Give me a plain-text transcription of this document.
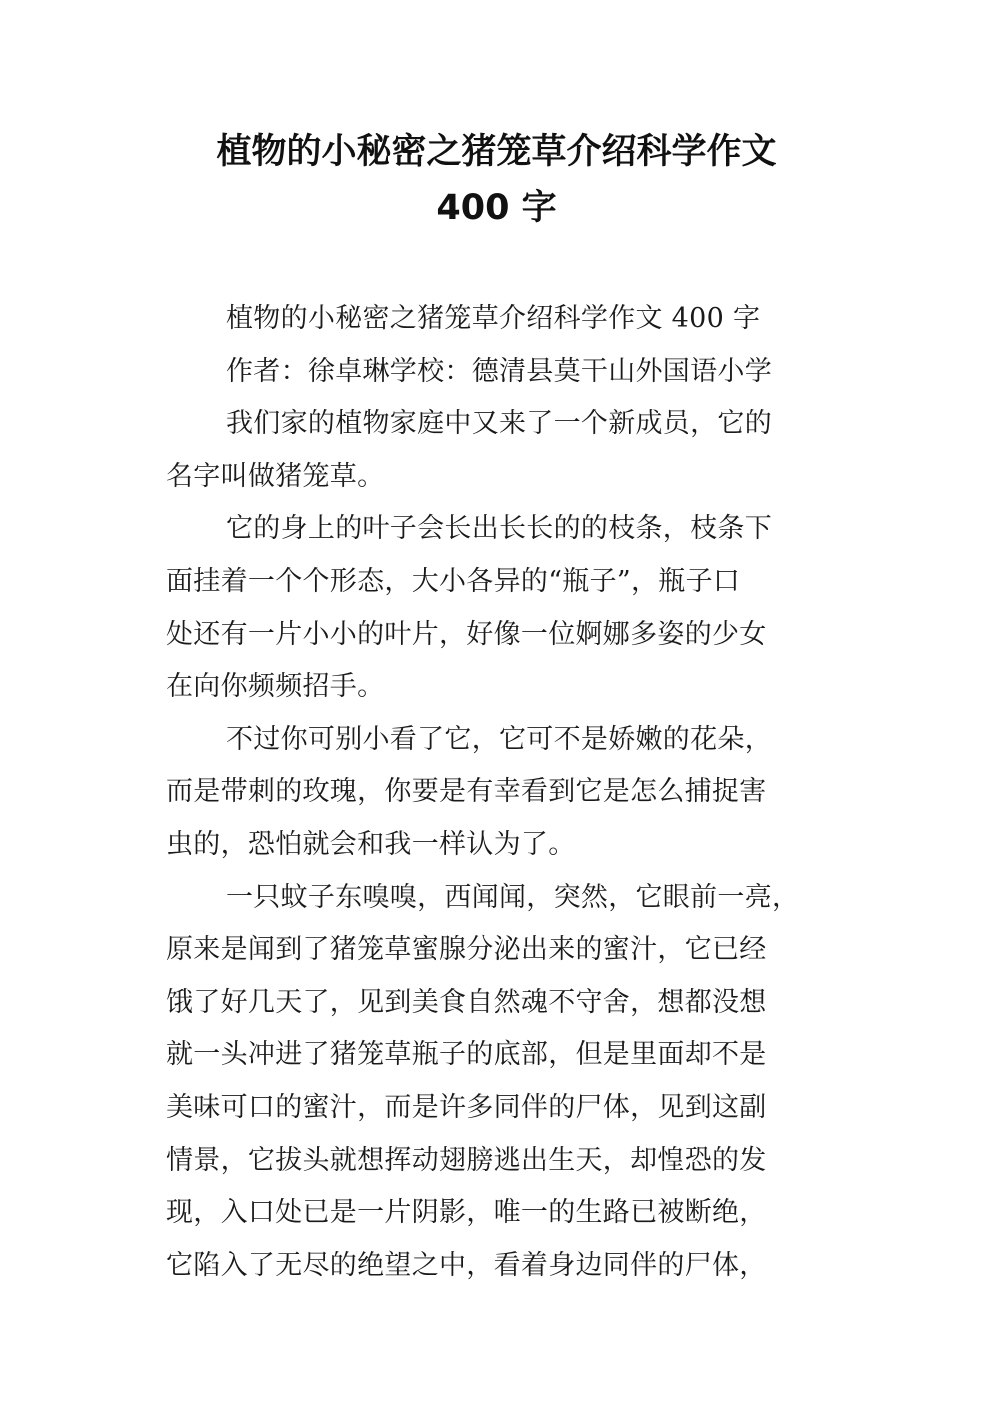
植物的小秘密之猪笼草介绍科学作文
400 字
植物的小秘密之猪笼草介绍科学作文 400 字
作者：徐卓琳学校：德清县莫干山外国语小学
我们家的植物家庭中又来了一个新成员，它的
名字叫做猪笼草。
它的身上的叶子会长出长长的的枝条，枝条下
面挂着一个个形态，大小各异的“瓶子”，瓶子口
处还有一片小小的叶片，好像一位婀娜多姿的少女
在向你频频招手。
不过你可别小看了它，它可不是娇嫩的花朵，
而是带刺的玫瑰，你要是有幸看到它是怎么捕捉害
虫的，恐怕就会和我一样认为了。
一只蚊子东嗅嗅，西闻闻，突然，它眼前一亮，
原来是闻到了猪笼草蜜腺分泌出来的蜜汁，它已经
饿了好几天了，见到美食自然魂不守舍，想都没想
就一头冲进了猪笼草瓶子的底部，但是里面却不是
美味可口的蜜汁，而是许多同伴的尸体，见到这副
情景，它拔头就想挥动翅膀逃出生天，却惶恐的发
现，入口处已是一片阴影，唯一的生路已被断绝，
它陷入了无尽的绝望之中，看着身边同伴的尸体，
